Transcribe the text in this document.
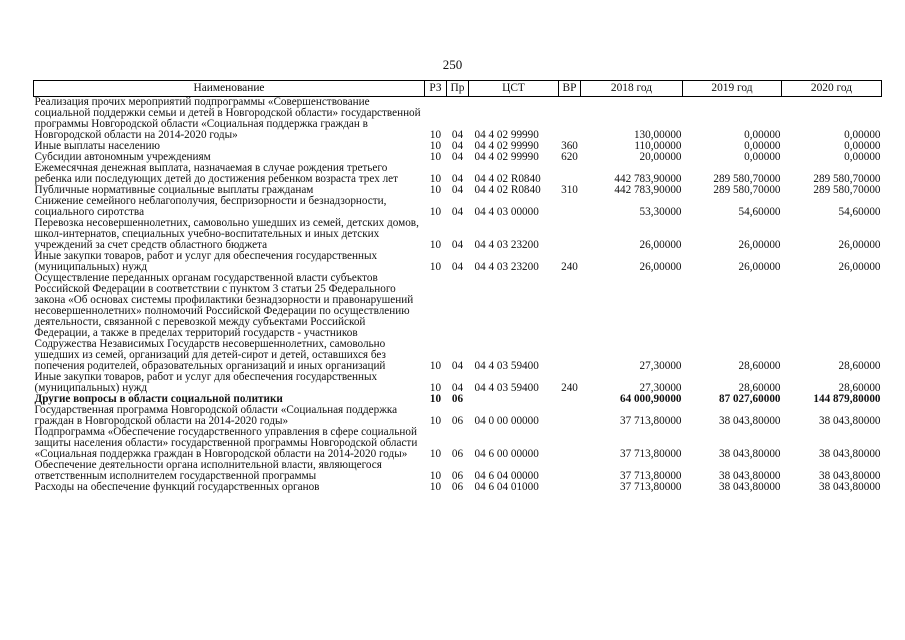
250
Наименование	РЗ	Пр	ЦСТ	ВР	2018 год	2019 год	2020 год
Реализация прочих мероприятий подпрограммы «Совершенствование социальной поддержки семьи и детей в Новгородской области» государственной программы Новгородской области «Социальная поддержка граждан в Новгородской области на 2014-2020 годы»	10	04	04 4 02 99990		130,00000	0,00000	0,00000
Иные выплаты населению	10	04	04 4 02 99990	360	110,00000	0,00000	0,00000
Субсидии автономным учреждениям	10	04	04 4 02 99990	620	20,00000	0,00000	0,00000
Ежемесячная денежная выплата, назначаемая в случае рождения третьего ребенка или последующих детей до достижения ребенком возраста трех лет	10	04	04 4 02 R0840		442 783,90000	289 580,70000	289 580,70000
Публичные нормативные социальные выплаты гражданам	10	04	04 4 02 R0840	310	442 783,90000	289 580,70000	289 580,70000
Снижение семейного неблагополучия, беспризорности и безнадзорности, социального сиротства	10	04	04 4 03 00000		53,30000	54,60000	54,60000
Перевозка несовершеннолетних, самовольно ушедших из семей, детских домов, школ-интернатов, специальных учебно-воспитательных и иных детских учреждений за счет средств областного бюджета	10	04	04 4 03 23200		26,00000	26,00000	26,00000
Иные закупки товаров, работ и услуг для обеспечения государственных (муниципальных) нужд	10	04	04 4 03 23200	240	26,00000	26,00000	26,00000
Осуществление переданных органам государственной власти субъектов Российской Федерации в соответствии с пунктом 3 статьи 25 Федерального закона «Об основах системы профилактики безнадзорности и правонарушений несовершеннолетних» полномочий Российской Федерации по осуществлению деятельности, связанной с перевозкой между субъектами Российской Федерации, а также в пределах территорий государств - участников Содружества Независимых Государств несовершеннолетних, самовольно ушедших из семей, организаций для детей-сирот и детей, оставшихся без попечения родителей, образовательных организаций и иных организаций	10	04	04 4 03 59400		27,30000	28,60000	28,60000
Иные закупки товаров, работ и услуг для обеспечения государственных (муниципальных) нужд	10	04	04 4 03 59400	240	27,30000	28,60000	28,60000
Другие вопросы в области социальной политики	10	06			64 000,90000	87 027,60000	144 879,80000
Государственная программа Новгородской области «Социальная поддержка граждан в Новгородской области на 2014-2020 годы»	10	06	04 0 00 00000		37 713,80000	38 043,80000	38 043,80000
Подпрограмма «Обеспечение государственного управления в сфере социальной защиты населения области» государственной программы Новгородской области «Социальная поддержка граждан в Новгородской области на 2014-2020 годы»	10	06	04 6 00 00000		37 713,80000	38 043,80000	38 043,80000
Обеспечение деятельности органа исполнительной власти, являющегося ответственным исполнителем государственной программы	10	06	04 6 04 00000		37 713,80000	38 043,80000	38 043,80000
Расходы на обеспечение функций государственных органов	10	06	04 6 04 01000		37 713,80000	38 043,80000	38 043,80000
